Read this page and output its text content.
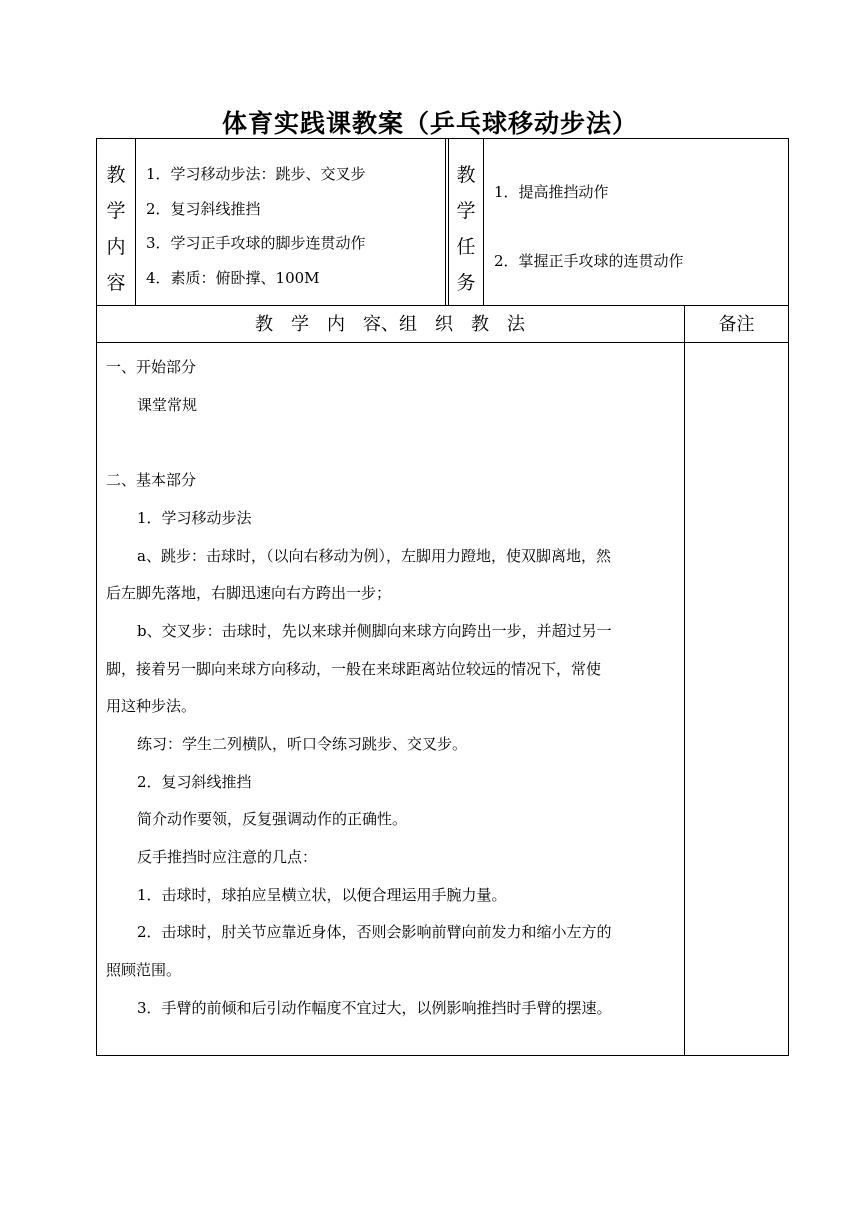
体育实践课教案（乒乓球移动步法）
教
学
内
容
1．学习移动步法：跳步、交叉步
2．复习斜线推挡
3．学习正手攻球的脚步连贯动作
4．素质：俯卧撑、100M
教
学
任
务
1．提高推挡动作
2．掌握正手攻球的连贯动作
教　学　内　容、组　织　教　法	备注
一、开始部分
课堂常规
二、基本部分
1．学习移动步法
a、跳步：击球时，（以向右移动为例），左脚用力蹬地，使双脚离地，然
后左脚先落地，右脚迅速向右方跨出一步；
b、交叉步：击球时，先以来球并侧脚向来球方向跨出一步，并超过另一
脚，接着另一脚向来球方向移动，一般在来球距离站位较远的情况下，常使
用这种步法。
练习：学生二列横队，听口令练习跳步、交叉步。
2．复习斜线推挡
简介动作要领，反复强调动作的正确性。
反手推挡时应注意的几点：
1．击球时，球拍应呈横立状，以便合理运用手腕力量。
2．击球时，肘关节应靠近身体，否则会影响前臂向前发力和缩小左方的
照顾范围。
3．手臂的前倾和后引动作幅度不宜过大，以例影响推挡时手臂的摆速。
